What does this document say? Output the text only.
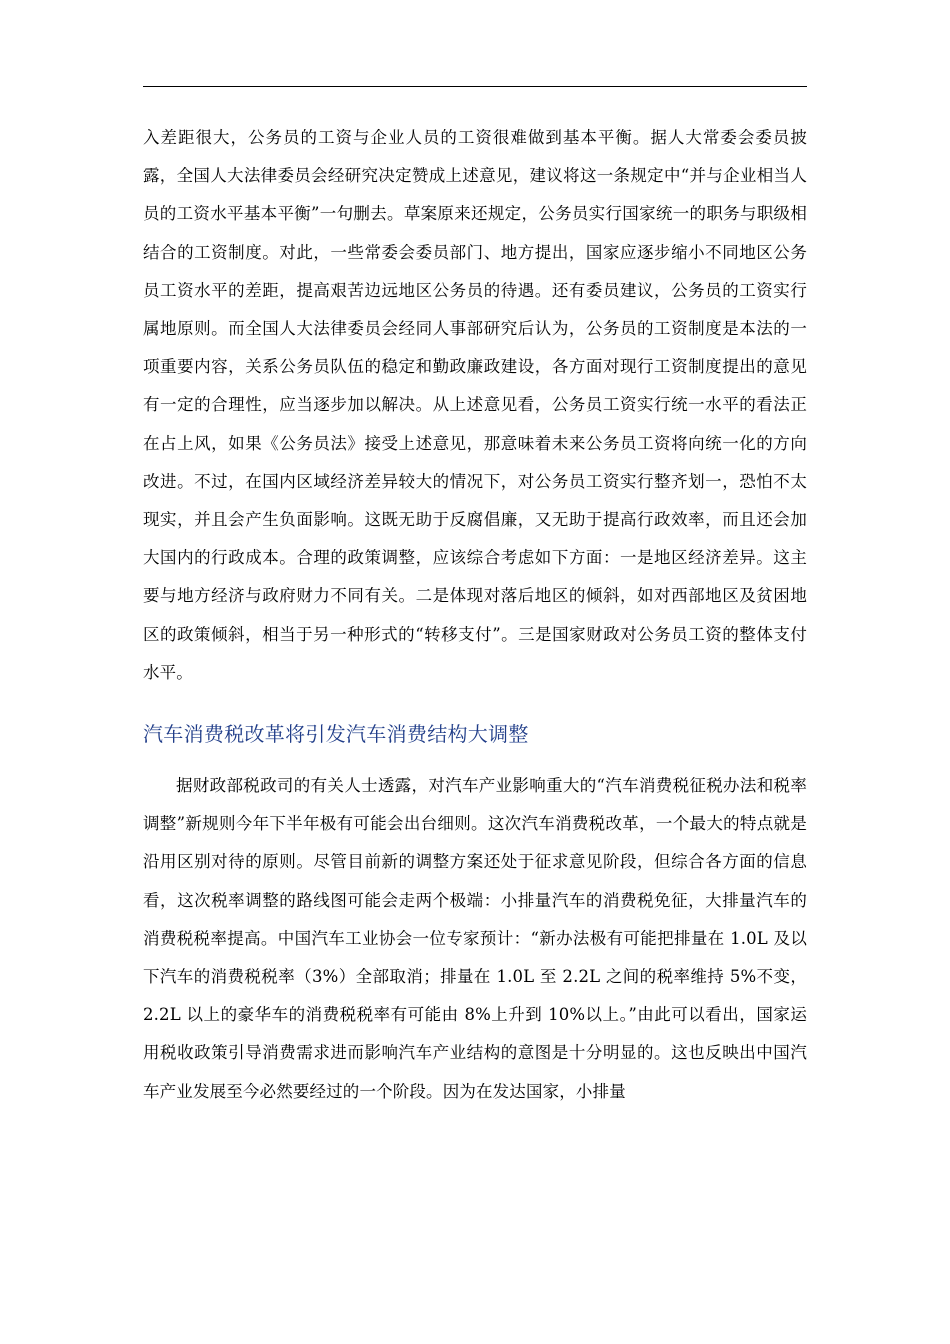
入差距很大，公务员的工资与企业人员的工资很难做到基本平衡。据人大常委会委员披露，全国人大法律委员会经研究决定赞成上述意见，建议将这一条规定中“并与企业相当人员的工资水平基本平衡”一句删去。草案原来还规定，公务员实行国家统一的职务与职级相结合的工资制度。对此，一些常委会委员部门、地方提出，国家应逐步缩小不同地区公务员工资水平的差距，提高艰苦边远地区公务员的待遇。还有委员建议，公务员的工资实行属地原则。而全国人大法律委员会经同人事部研究后认为，公务员的工资制度是本法的一项重要内容，关系公务员队伍的稳定和勤政廉政建设，各方面对现行工资制度提出的意见有一定的合理性，应当逐步加以解决。从上述意见看，公务员工资实行统一水平的看法正在占上风，如果《公务员法》接受上述意见，那意味着未来公务员工资将向统一化的方向改进。不过，在国内区域经济差异较大的情况下，对公务员工资实行整齐划一，恐怕不太现实，并且会产生负面影响。这既无助于反腐倡廉，又无助于提高行政效率，而且还会加大国内的行政成本。合理的政策调整，应该综合考虑如下方面：一是地区经济差异。这主要与地方经济与政府财力不同有关。二是体现对落后地区的倾斜，如对西部地区及贫困地区的政策倾斜，相当于另一种形式的“转移支付”。三是国家财政对公务员工资的整体支付水平。

汽车消费税改革将引发汽车消费结构大调整

据财政部税政司的有关人士透露，对汽车产业影响重大的“汽车消费税征税办法和税率调整”新规则今年下半年极有可能会出台细则。这次汽车消费税改革，一个最大的特点就是沿用区别对待的原则。尽管目前新的调整方案还处于征求意见阶段，但综合各方面的信息看，这次税率调整的路线图可能会走两个极端：小排量汽车的消费税免征，大排量汽车的消费税税率提高。中国汽车工业协会一位专家预计：“新办法极有可能把排量在 1.0L 及以下汽车的消费税税率（3%）全部取消；排量在 1.0L 至 2.2L 之间的税率维持 5%不变，2.2L 以上的豪华车的消费税税率有可能由 8%上升到 10%以上。”由此可以看出，国家运用税收政策引导消费需求进而影响汽车产业结构的意图是十分明显的。这也反映出中国汽车产业发展至今必然要经过的一个阶段。因为在发达国家，小排量
